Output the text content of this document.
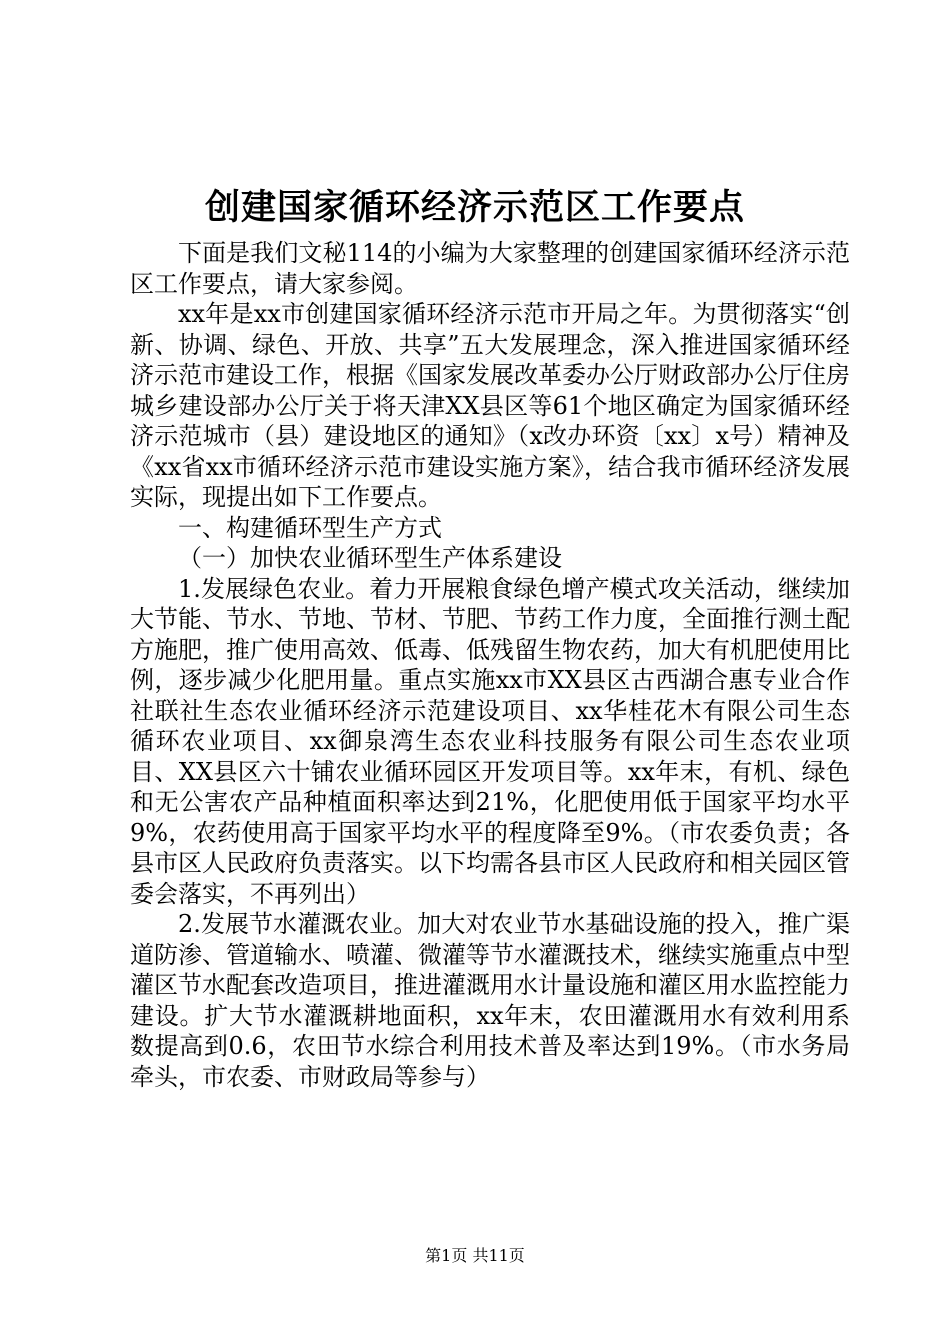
创建国家循环经济示范区工作要点

下面是我们文秘114的小编为大家整理的创建国家循环经济示范区工作要点，请大家参阅。

xx年是xx市创建国家循环经济示范市开局之年。为贯彻落实“创新、协调、绿色、开放、共享”五大发展理念，深入推进国家循环经济示范市建设工作，根据《国家发展改革委办公厅财政部办公厅住房城乡建设部办公厅关于将天津XX县区等61个地区确定为国家循环经济示范城市（县）建设地区的通知》（x改办环资〔xx〕x号）精神及《xx省xx市循环经济示范市建设实施方案》，结合我市循环经济发展实际，现提出如下工作要点。

一、构建循环型生产方式

（一）加快农业循环型生产体系建设

1.发展绿色农业。着力开展粮食绿色增产模式攻关活动，继续加大节能、节水、节地、节材、节肥、节药工作力度，全面推行测土配方施肥，推广使用高效、低毒、低残留生物农药，加大有机肥使用比例，逐步减少化肥用量。重点实施xx市XX县区古西湖合惠专业合作社联社生态农业循环经济示范建设项目、xx华桂花木有限公司生态循环农业项目、xx御泉湾生态农业科技服务有限公司生态农业项目、XX县区六十铺农业循环园区开发项目等。xx年末，有机、绿色和无公害农产品种植面积率达到21%，化肥使用低于国家平均水平9%，农药使用高于国家平均水平的程度降至9%。（市农委负责；各县市区人民政府负责落实。以下均需各县市区人民政府和相关园区管委会落实，不再列出）

2.发展节水灌溉农业。加大对农业节水基础设施的投入，推广渠道防渗、管道输水、喷灌、微灌等节水灌溉技术，继续实施重点中型灌区节水配套改造项目，推进灌溉用水计量设施和灌区用水监控能力建设。扩大节水灌溉耕地面积，xx年末，农田灌溉用水有效利用系数提高到0.6，农田节水综合利用技术普及率达到19%。（市水务局牵头，市农委、市财政局等参与）

第1页 共11页
